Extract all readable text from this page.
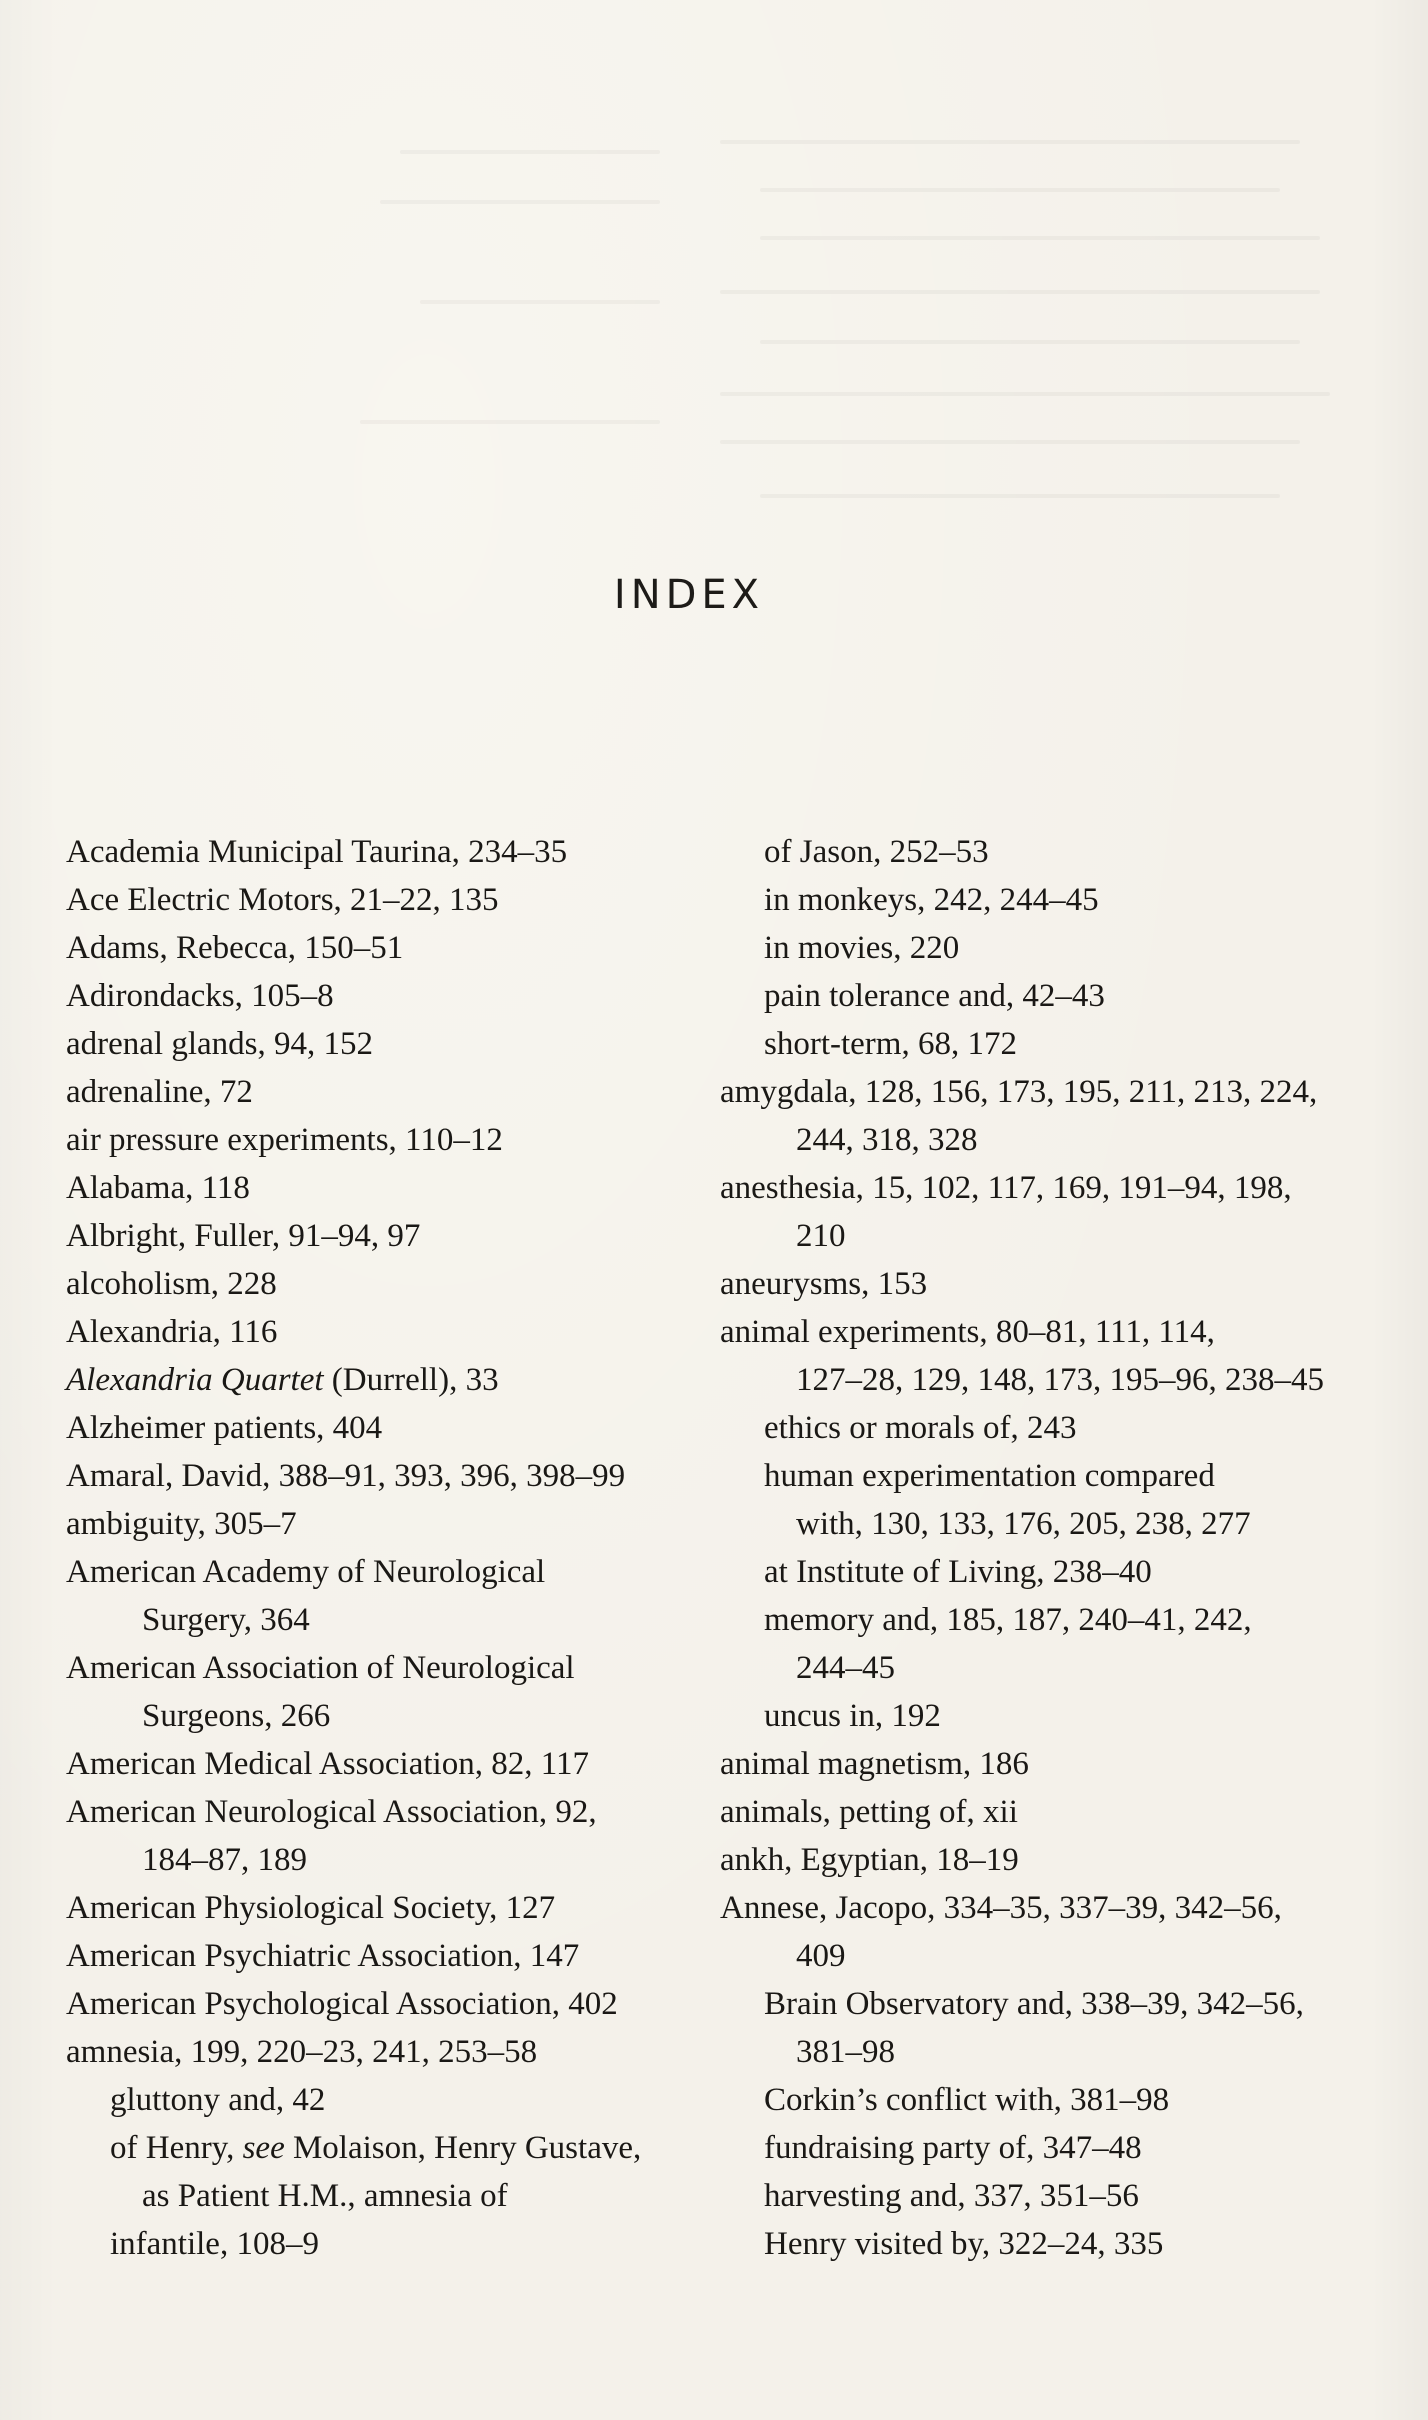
INDEX

Academia Municipal Taurina, 234–35

Ace Electric Motors, 21–22, 135

Adams, Rebecca, 150–51

Adirondacks, 105–8

adrenal glands, 94, 152

adrenaline, 72

air pressure experiments, 110–12

Alabama, 118

Albright, Fuller, 91–94, 97

alcoholism, 228

Alexandria, 116

Alexandria Quartet (Durrell), 33

Alzheimer patients, 404

Amaral, David, 388–91, 393, 396, 398–99

ambiguity, 305–7

American Academy of Neurological

Surgery, 364

American Association of Neurological

Surgeons, 266

American Medical Association, 82, 117

American Neurological Association, 92,

184–87, 189

American Physiological Society, 127

American Psychiatric Association, 147

American Psychological Association, 402

amnesia, 199, 220–23, 241, 253–58

gluttony and, 42

of Henry, see Molaison, Henry Gustave,

as Patient H.M., amnesia of

infantile, 108–9

of Jason, 252–53

in monkeys, 242, 244–45

in movies, 220

pain tolerance and, 42–43

short-term, 68, 172

amygdala, 128, 156, 173, 195, 211, 213, 224,

244, 318, 328

anesthesia, 15, 102, 117, 169, 191–94, 198,

210

aneurysms, 153

animal experiments, 80–81, 111, 114,

127–28, 129, 148, 173, 195–96, 238–45

ethics or morals of, 243

human experimentation compared

with, 130, 133, 176, 205, 238, 277

at Institute of Living, 238–40

memory and, 185, 187, 240–41, 242,

244–45

uncus in, 192

animal magnetism, 186

animals, petting of, xii

ankh, Egyptian, 18–19

Annese, Jacopo, 334–35, 337–39, 342–56,

409

Brain Observatory and, 338–39, 342–56,

381–98

Corkin’s conflict with, 381–98

fundraising party of, 347–48

harvesting and, 337, 351–56

Henry visited by, 322–24, 335
